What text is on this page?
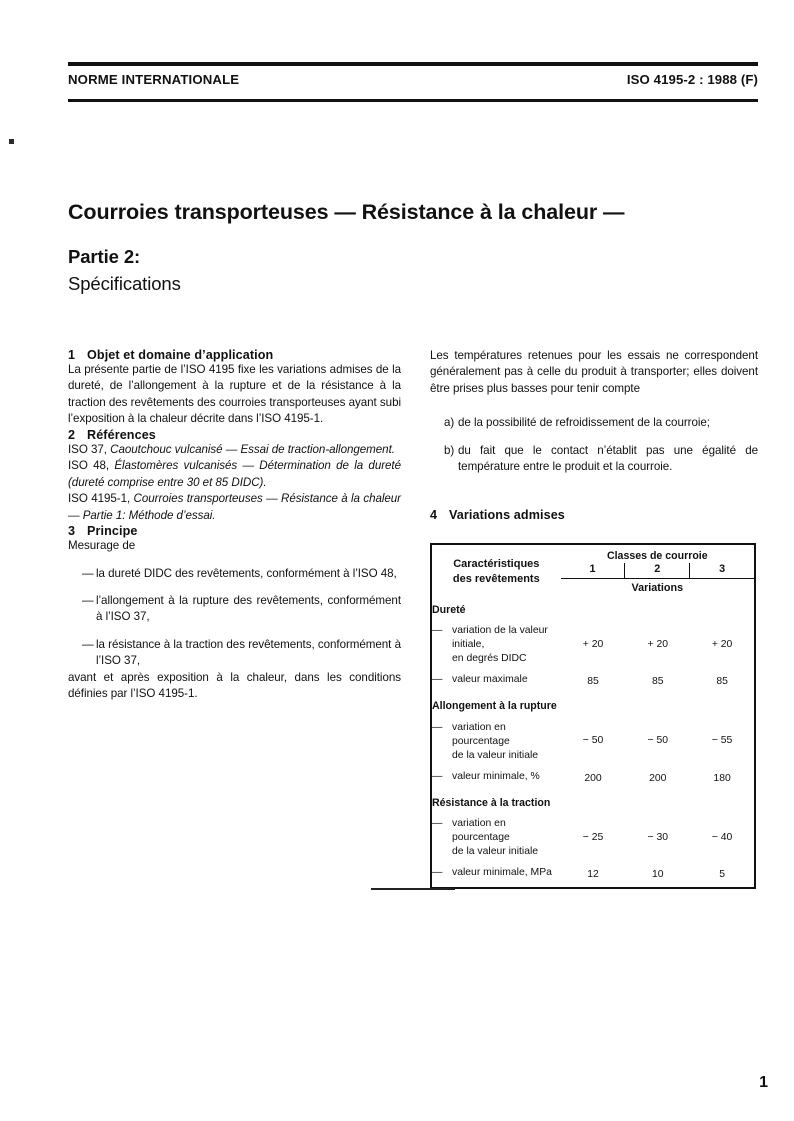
NORME INTERNATIONALE	ISO 4195-2 : 1988 (F)
Courroies transporteuses — Résistance à la chaleur —
Partie 2:
Spécifications
1 Objet et domaine d’application

La présente partie de l’ISO 4195 fixe les variations admises de la dureté, de l’allongement à la rupture et de la résistance à la traction des revêtements des courroies transporteuses ayant subi l’exposition à la chaleur décrite dans l’ISO 4195-1.

2 Références

ISO 37, Caoutchouc vulcanisé — Essai de traction-allongement.

ISO 48, Élastomères vulcanisés — Détermination de la dureté (dureté comprise entre 30 et 85 DIDC).

ISO 4195-1, Courroies transporteuses — Résistance à la chaleur — Partie 1: Méthode d’essai.

3 Principe

Mesurage de

— la dureté DIDC des revêtements, conformément à l’ISO 48,
— l’allongement à la rupture des revêtements, conformément à l’ISO 37,
— la résistance à la traction des revêtements, conformément à l’ISO 37,

avant et après exposition à la chaleur, dans les conditions définies par l’ISO 4195-1.

Les températures retenues pour les essais ne correspondent généralement pas à celle du produit à transporter; elles doivent être prises plus basses pour tenir compte

a) de la possibilité de refroidissement de la courroie;
b) du fait que le contact n’établit pas une égalité de température entre le produit et la courroie.
4 Variations admises
Caractéristiques
des revêtements

Classes de courroie
1	2	3
Variations

Dureté			

— variation de la valeur initiale,
en degrés DIDC	+ 20	+ 20	+ 20

— valeur maximale	85	85	85
Allongement à la rupture			

— variation en pourcentage
de la valeur initiale	− 50	− 50	− 55

— valeur minimale, %	200	200	180
Résistance à la traction			

— variation en pourcentage
de la valeur initiale	− 25	− 30	− 40

— valeur minimale, MPa	12	10	5
1
· · · · ·· · ·· · · · ·· ·· · · · · ·· ·· ·· · · ·· · · ·· · · · ·· · · ·· · ·
· · ·· · · · ·· · · · ·
· · ·· · · · · ·· · · · ·
